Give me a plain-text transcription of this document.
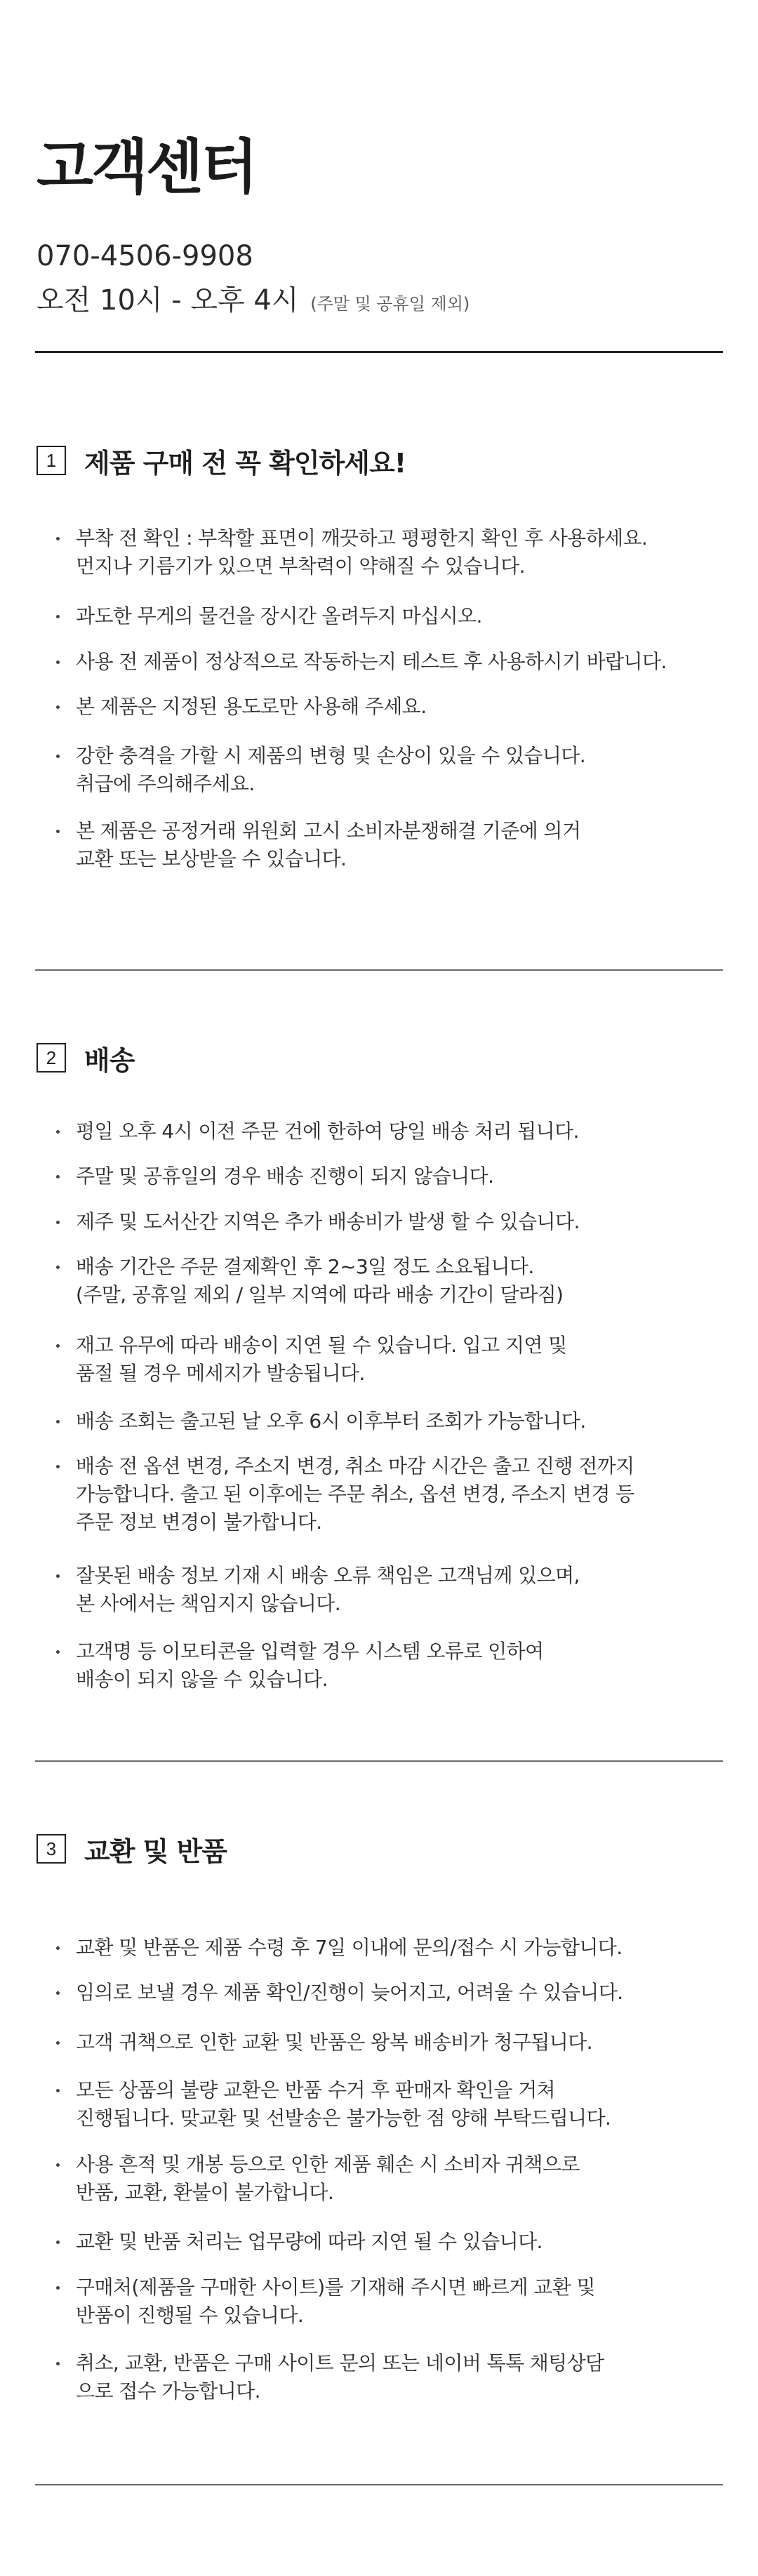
고객센터
070-4506-9908
오전 10시 - 오후 4시 (주말 및 공휴일 제외)
1	제품 구매 전 꼭 확인하세요!
부착 전 확인 : 부착할 표면이 깨끗하고 평평한지 확인 후 사용하세요.
먼지나 기름기가 있으면 부착력이 약해질 수 있습니다.
과도한 무게의 물건을 장시간 올려두지 마십시오.
사용 전 제품이 정상적으로 작동하는지 테스트 후 사용하시기 바랍니다.
본 제품은 지정된 용도로만 사용해 주세요.
강한 충격을 가할 시 제품의 변형 및 손상이 있을 수 있습니다.
취급에 주의해주세요.
본 제품은 공정거래 위원회 고시 소비자분쟁해결 기준에 의거
교환 또는 보상받을 수 있습니다.
2	배송
평일 오후 4시 이전 주문 건에 한하여 당일 배송 처리 됩니다.
주말 및 공휴일의 경우 배송 진행이 되지 않습니다.
제주 및 도서산간 지역은 추가 배송비가 발생 할 수 있습니다.
배송 기간은 주문 결제확인 후 2~3일 정도 소요됩니다.
(주말, 공휴일 제외 / 일부 지역에 따라 배송 기간이 달라짐)
재고 유무에 따라 배송이 지연 될 수 있습니다. 입고 지연 및
품절 될 경우 메세지가 발송됩니다.
배송 조회는 출고된 날 오후 6시 이후부터 조회가 가능합니다.
배송 전 옵션 변경, 주소지 변경, 취소 마감 시간은 출고 진행 전까지
가능합니다. 출고 된 이후에는 주문 취소, 옵션 변경, 주소지 변경 등
주문 정보 변경이 불가합니다.
잘못된 배송 정보 기재 시 배송 오류 책임은 고객님께 있으며,
본 사에서는 책임지지 않습니다.
고객명 등 이모티콘을 입력할 경우 시스템 오류로 인하여
배송이 되지 않을 수 있습니다.
3	교환 및 반품
교환 및 반품은 제품 수령 후 7일 이내에 문의/접수 시 가능합니다.
임의로 보낼 경우 제품 확인/진행이 늦어지고, 어려울 수 있습니다.
고객 귀책으로 인한 교환 및 반품은 왕복 배송비가 청구됩니다.
모든 상품의 불량 교환은 반품 수거 후 판매자 확인을 거쳐
진행됩니다. 맞교환 및 선발송은 불가능한 점 양해 부탁드립니다.
사용 흔적 및 개봉 등으로 인한 제품 훼손 시 소비자 귀책으로
반품, 교환, 환불이 불가합니다.
교환 및 반품 처리는 업무량에 따라 지연 될 수 있습니다.
구매처(제품을 구매한 사이트)를 기재해 주시면 빠르게 교환 및
반품이 진행될 수 있습니다.
취소, 교환, 반품은 구매 사이트 문의 또는 네이버 톡톡 채팅상담
으로 접수 가능합니다.
